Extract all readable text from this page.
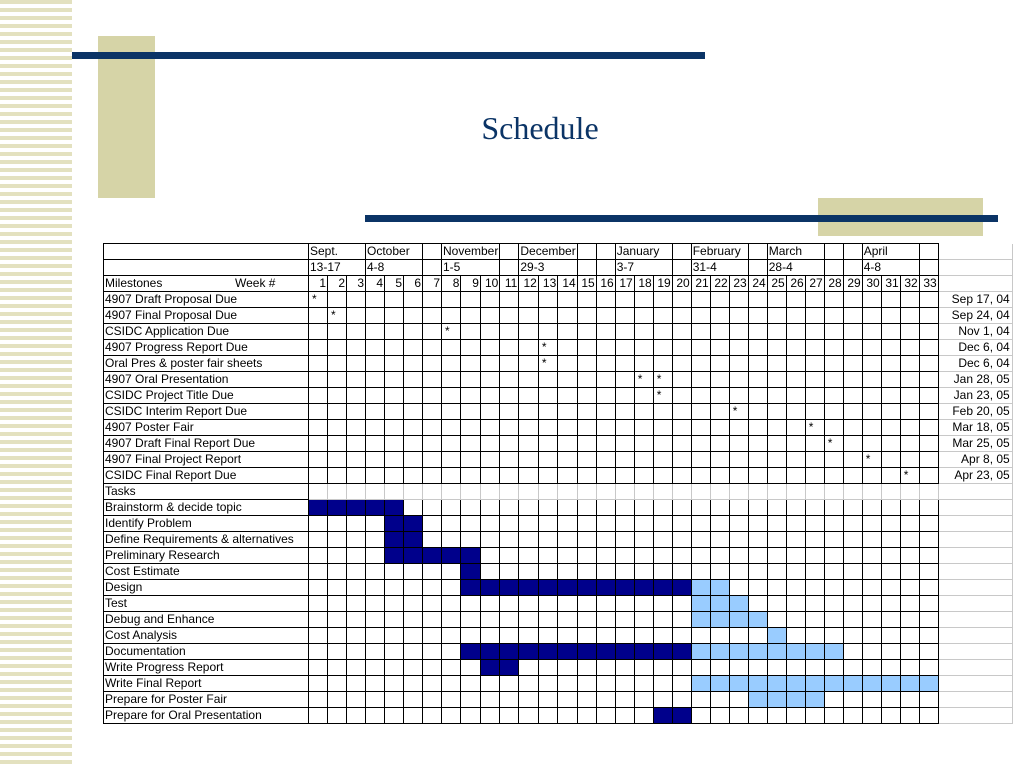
Schedule
	Sept.			October				November				December					January				February				March					April				
	13-17			4-8				1-5				29-3					3-7				31-4				28-4					4-8				
Milestones Week #	1	2	3	4	5	6	7	8	9	10	11	12	13	14	15	16	17	18	19	20	21	22	23	24	25	26	27	28	29	30	31	32	33	
4907 Draft Proposal Due	*																																	Sep 17, 04
4907 Final Proposal Due		*																																Sep 24, 04
CSIDC Application Due								*																										Nov 1, 04
4907 Progress Report Due													*																					Dec 6, 04
Oral Pres & poster fair sheets													*																					Dec 6, 04
4907 Oral Presentation																		*	*															Jan 28, 05
CSIDC Project Title Due																			*															Jan 23, 05
CSIDC Interim Report Due																							*											Feb 20, 05
4907 Poster Fair																											*							Mar 18, 05
4907 Draft Final Report Due																												*						Mar 25, 05
4907 Final Project Report																														*				Apr 8, 05
CSIDC Final Report Due																																*		Apr 23, 05
Tasks																																		
Brainstorm & decide topic																																		
Identify Problem																																		
Define Requirements & alternatives																																		
Preliminary Research																																		
Cost Estimate																																		
Design																																		
Test																																		
Debug and Enhance																																		
Cost Analysis																																		
Documentation																																		
Write Progress Report																																		
Write Final Report																																		
Prepare for Poster Fair																																		
Prepare for Oral Presentation																																		
